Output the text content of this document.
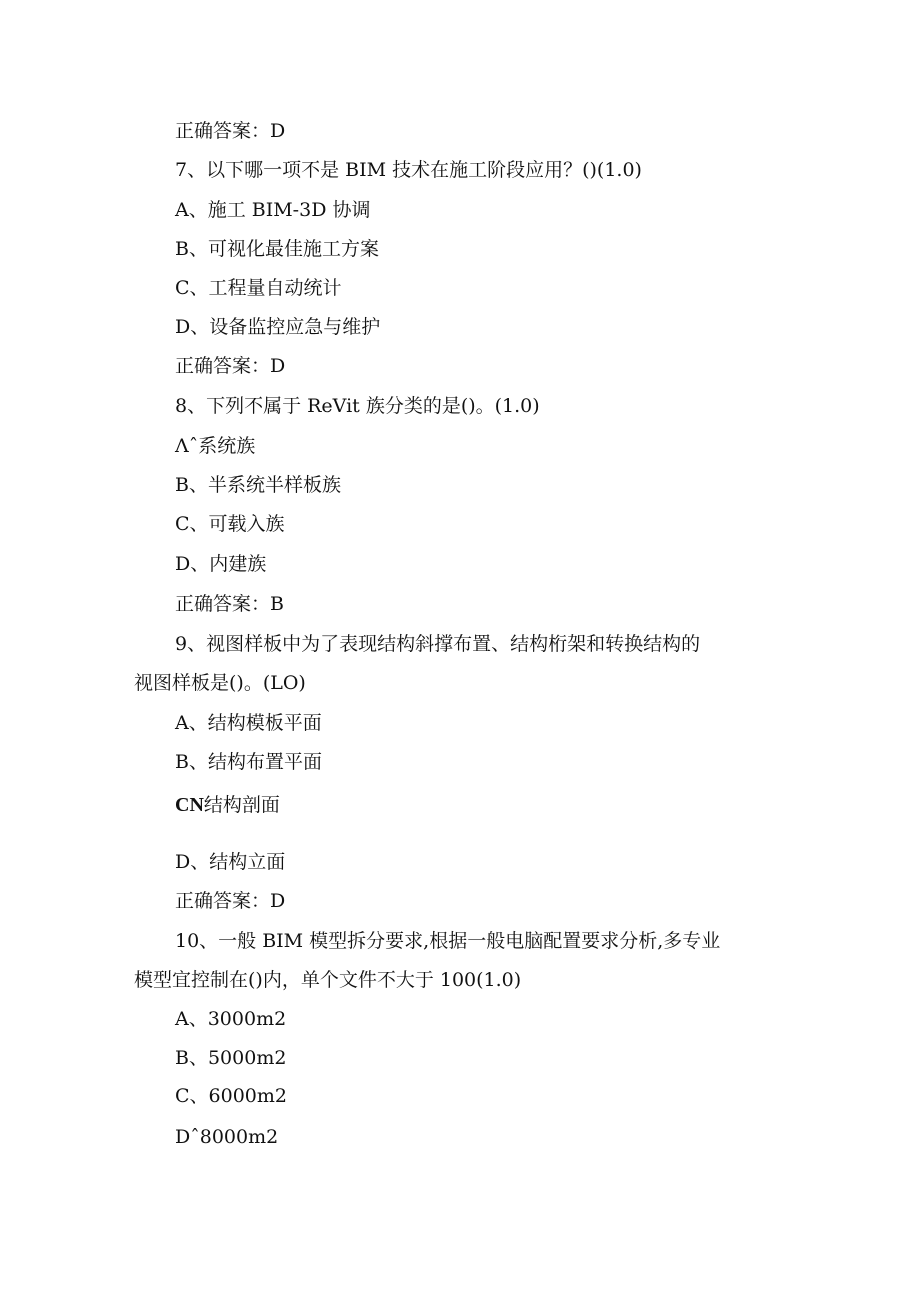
正确答案：D

7、以下哪一项不是 BIM 技术在施工阶段应用？()(1.0)

A、施工 BIM-3D 协调

B、可视化最佳施工方案

C、工程量自动统计

D、设备监控应急与维护

正确答案：D

8、下列不属于 ReVit 族分类的是()。(1.0)

Λˆ系统族

B、半系统半样板族

C、可载入族

D、内建族

正确答案：B

9、视图样板中为了表现结构斜撑布置、结构桁架和转换结构的

视图样板是()。(LO)

A、结构模板平面

B、结构布置平面

CN结构剖面

D、结构立面

正确答案：D

10、一般 BIM 模型拆分要求,根据一般电脑配置要求分析,多专业

模型宜控制在()内，单个文件不大于 100(1.0)

A、3000m2

B、5000m2

C、6000m2

Dˆ8000m2
